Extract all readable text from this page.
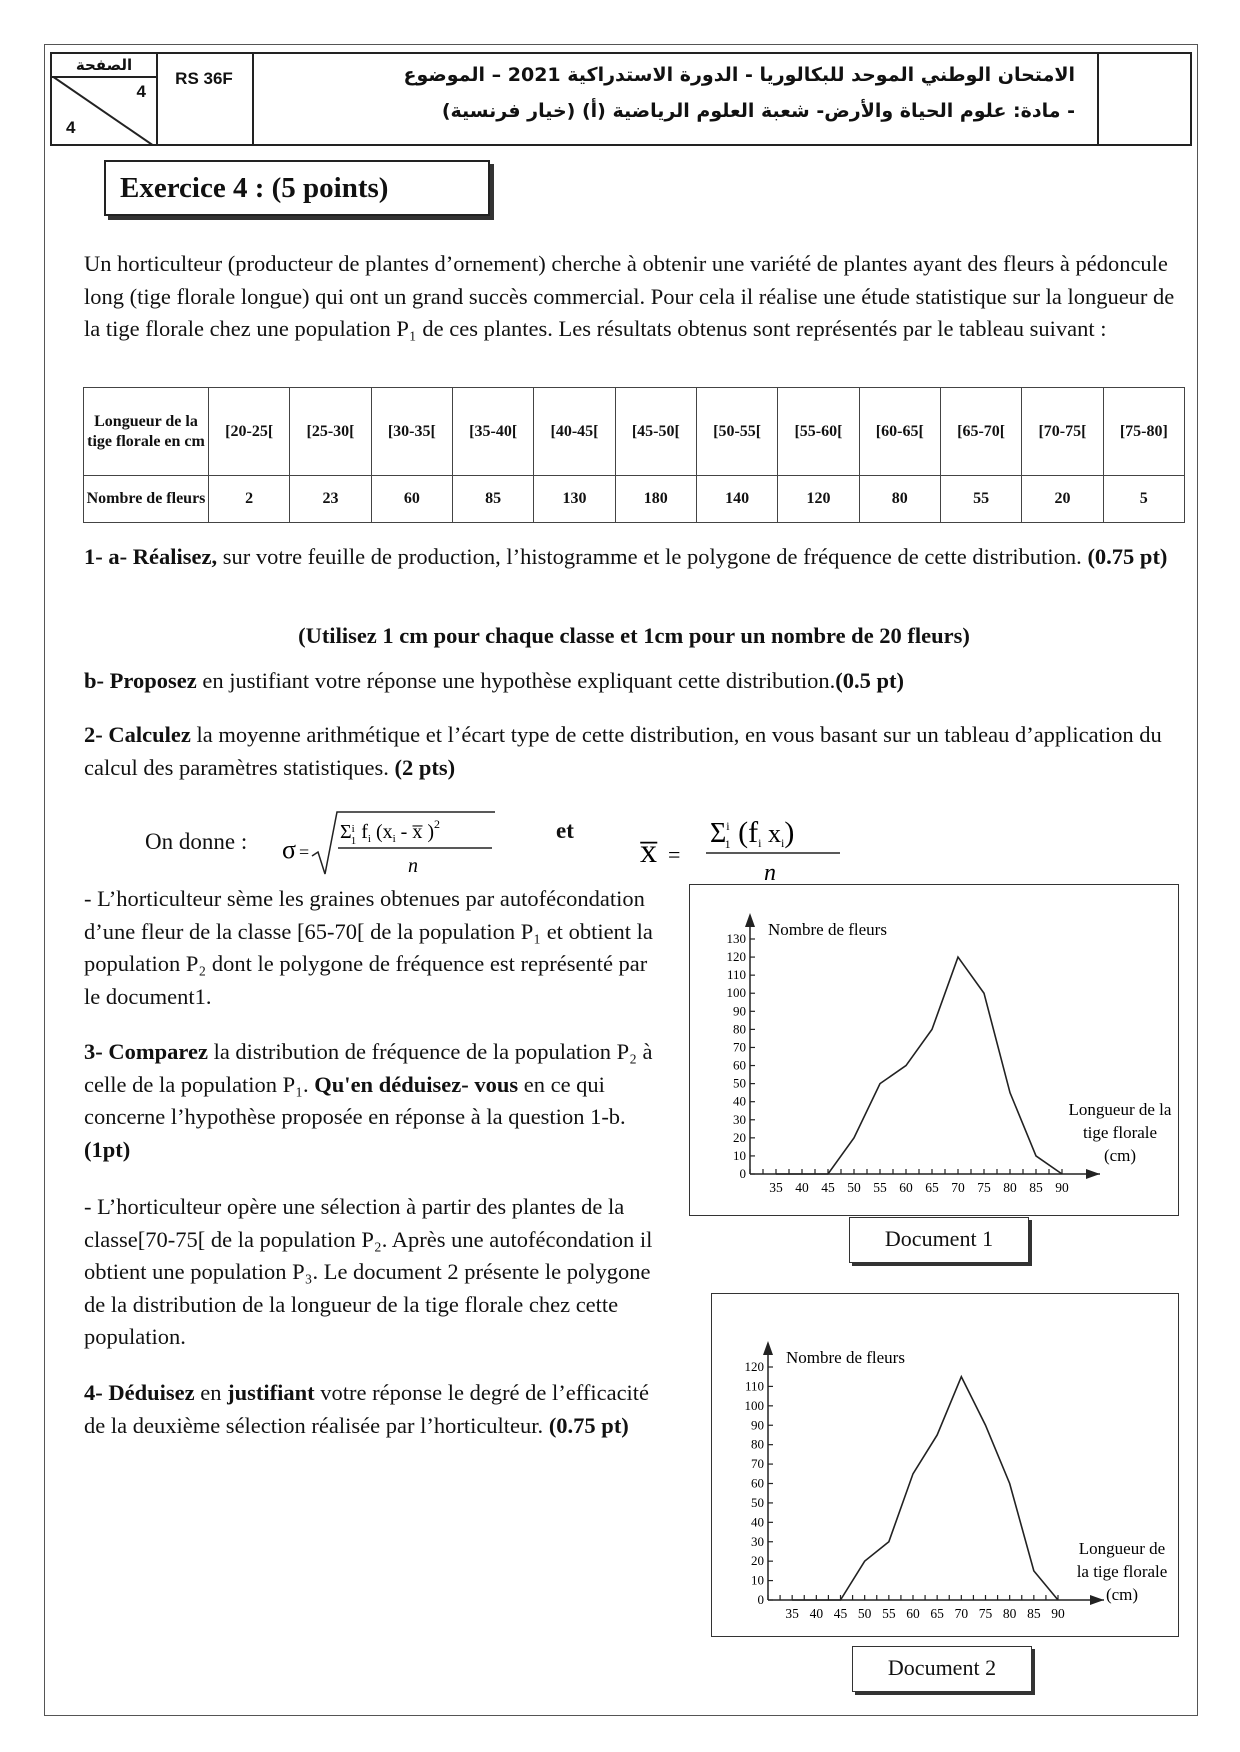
الصفحة
4
4
RS 36F	الامتحان الوطني الموحد للبكالوريا - الدورة الاستدراكية 2021 – الموضوع
- مادة: علوم الحياة والأرض- شعبة العلوم الرياضية (أ) (خيار فرنسية)
Exercice 4 : (5 points)

Un horticulteur (producteur de plantes d’ornement) cherche à obtenir une variété de plantes ayant des fleurs à pédoncule long (tige florale longue) qui ont un grand succès commercial. Pour cela il réalise une étude statistique sur la longueur de la tige florale chez une population P₁ de ces plantes. Les résultats obtenus sont représentés par le tableau suivant :

Longueur de la tige florale en cm	[20-25[	[25-30[	[30-35[	[35-40[	[40-45[	[45-50[	[50-55[	[55-60[	[60-65[	[65-70[	[70-75[	[75-80]
Nombre de fleurs	2	23	60	85	130	180	140	120	80	55	20	5

1- a- Réalisez, sur votre feuille de production, l’histogramme et le polygone de fréquence de cette distribution. (0.75 pt)

(Utilisez 1 cm pour chaque classe et 1cm pour un nombre de 20 fleurs)

b- Proposez en justifiant votre réponse une hypothèse expliquant cette distribution.(0.5 pt)

2- Calculez la moyenne arithmétique et l’écart type de cette distribution, en vous basant sur un tableau d’application du calcul des paramètres statistiques. (2 pts)

On donne : σ =
$\Sigma^i$ 1 $f_i$ ($x_i$ - x̅ )$^2$
n
et
x̅ =
$\Sigma^i$ 1 (fi xi)
n

- L’horticulteur sème les graines obtenues par autofécondation d’une fleur de la classe [65-70[ de la population P₁ et obtient la population P₂ dont le polygone de fréquence est représenté par le document1.

3- Comparez la distribution de fréquence de la population P₂ à celle de la population P₁. Qu'en déduisez- vous en ce qui concerne l’hypothèse proposée en réponse à la question 1-b. (1pt)

- L’horticulteur opère une sélection à partir des plantes de la classe[70-75[ de la population P₂. Après une autofécondation il obtient une population P₃. Le document 2 présente le polygone de la distribution de la longueur de la tige florale chez cette population.

4- Déduisez en justifiant votre réponse le degré de l’efficacité de la deuxième sélection réalisée par l’horticulteur. (0.75 pt)

0
10
20
30
40
50
60
70
80
90
100
110
120
130
35 40 45 50 55 60 65 70 75 80 85 90
Nombre de fleurs
Longueur de la
tige florale
(cm)
Document 1
0
10
20
30
40
50
60
70
80
90
100
110
120
35 40 45 50 55 60 65 70 75 80 85 90
Nombre de fleurs
Longueur de
la tige florale
(cm)
Document 2
